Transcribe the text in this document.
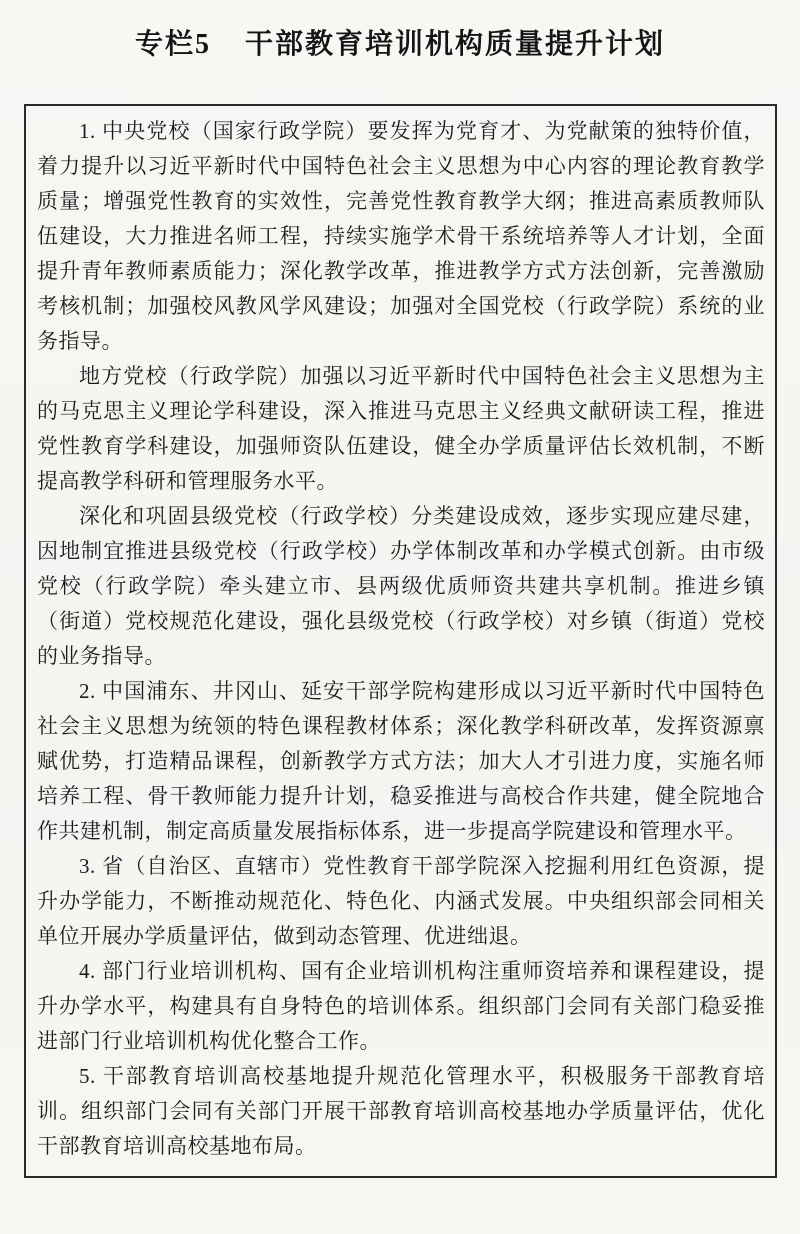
专栏5 干部教育培训机构质量提升计划

1. 中央党校（国家行政学院）要发挥为党育才、为党献策的独特价值，着力提升以习近平新时代中国特色社会主义思想为中心内容的理论教育教学质量；增强党性教育的实效性，完善党性教育教学大纲；推进高素质教师队伍建设，大力推进名师工程，持续实施学术骨干系统培养等人才计划，全面提升青年教师素质能力；深化教学改革，推进教学方式方法创新，完善激励考核机制；加强校风教风学风建设；加强对全国党校（行政学院）系统的业务指导。

地方党校（行政学院）加强以习近平新时代中国特色社会主义思想为主的马克思主义理论学科建设，深入推进马克思主义经典文献研读工程，推进党性教育学科建设，加强师资队伍建设，健全办学质量评估长效机制，不断提高教学科研和管理服务水平。

深化和巩固县级党校（行政学校）分类建设成效，逐步实现应建尽建，因地制宜推进县级党校（行政学校）办学体制改革和办学模式创新。由市级党校（行政学院）牵头建立市、县两级优质师资共建共享机制。推进乡镇（街道）党校规范化建设，强化县级党校（行政学校）对乡镇（街道）党校的业务指导。

2. 中国浦东、井冈山、延安干部学院构建形成以习近平新时代中国特色社会主义思想为统领的特色课程教材体系；深化教学科研改革，发挥资源禀赋优势，打造精品课程，创新教学方式方法；加大人才引进力度，实施名师培养工程、骨干教师能力提升计划，稳妥推进与高校合作共建，健全院地合作共建机制，制定高质量发展指标体系，进一步提高学院建设和管理水平。

3. 省（自治区、直辖市）党性教育干部学院深入挖掘利用红色资源，提升办学能力，不断推动规范化、特色化、内涵式发展。中央组织部会同相关单位开展办学质量评估，做到动态管理、优进绌退。

4. 部门行业培训机构、国有企业培训机构注重师资培养和课程建设，提升办学水平，构建具有自身特色的培训体系。组织部门会同有关部门稳妥推进部门行业培训机构优化整合工作。

5. 干部教育培训高校基地提升规范化管理水平，积极服务干部教育培训。组织部门会同有关部门开展干部教育培训高校基地办学质量评估，优化干部教育培训高校基地布局。
